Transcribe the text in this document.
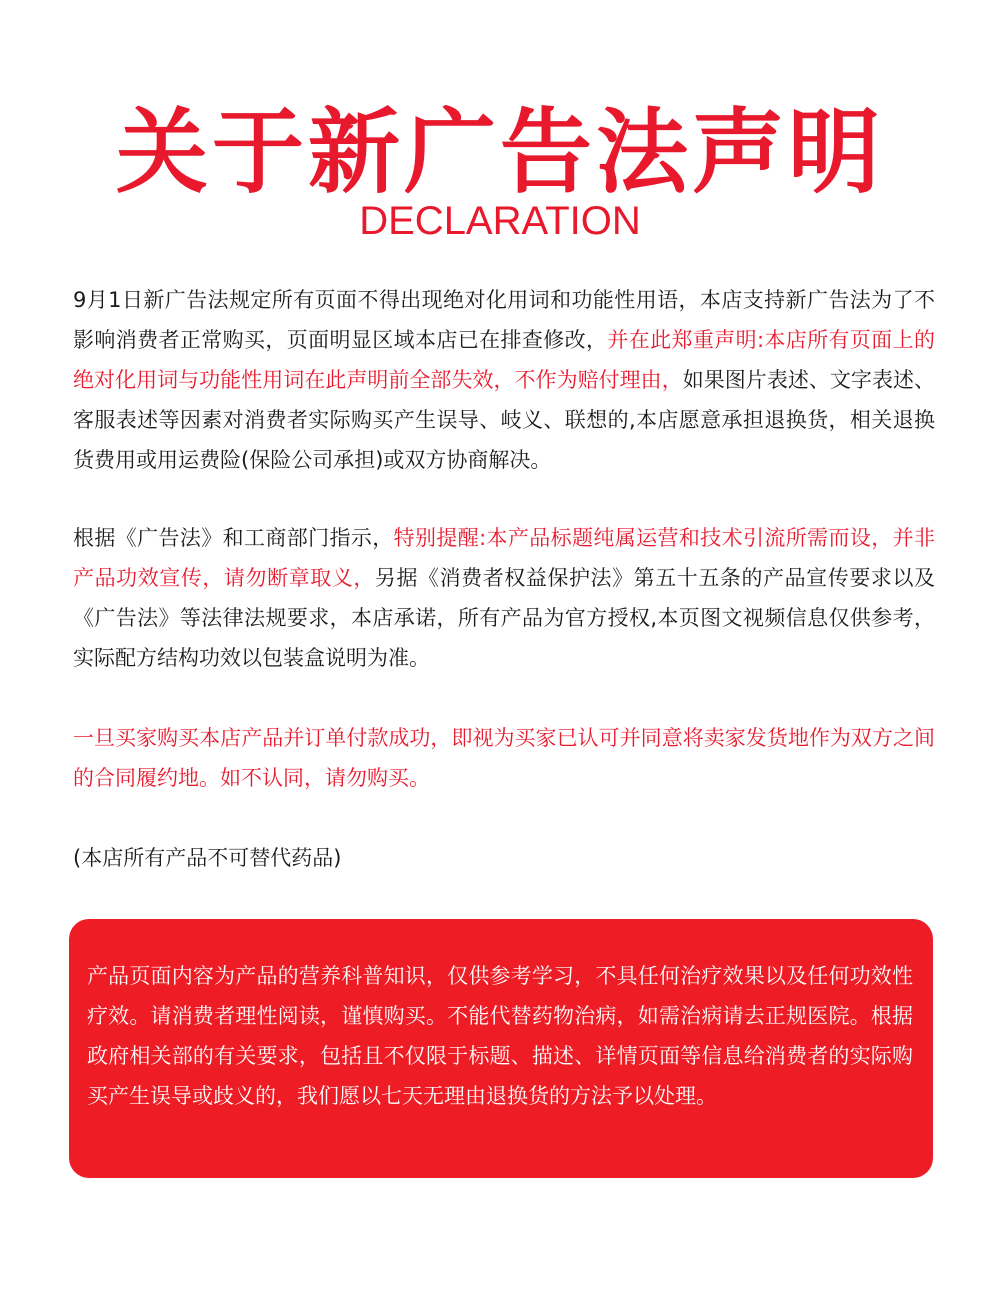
关于新广告法声明
DECLARATION

9月1日新广告法规定所有页面不得出现绝对化用词和功能性用语，本店支持新广告法为了不影响消费者正常购买，页面明显区域本店已在排查修改，并在此郑重声明:本店所有页面上的绝对化用词与功能性用词在此声明前全部失效，不作为赔付理由，如果图片表述、文字表述、客服表述等因素对消费者实际购买产生误导、岐义、联想的,本店愿意承担退换货，相关退换货费用或用运费险(保险公司承担)或双方协商解决。

根据《广告法》和工商部门指示，特别提醒:本产品标题纯属运营和技术引流所需而设，并非产品功效宣传，请勿断章取义，另据《消费者权益保护法》第五十五条的产品宣传要求以及《广告法》等法律法规要求，本店承诺，所有产品为官方授权,本页图文视频信息仅供参考，实际配方结构功效以包装盒说明为准。

一旦买家购买本店产品并订单付款成功，即视为买家已认可并同意将卖家发货地作为双方之间的合同履约地。如不认同，请勿购买。

(本店所有产品不可替代药品)

产品页面内容为产品的营养科普知识，仅供参考学习，不具任何治疗效果以及任何功效性疗效。请消费者理性阅读，谨慎购买。不能代替药物治病，如需治病请去正规医院。根据政府相关部的有关要求，包括且不仅限于标题、描述、详情页面等信息给消费者的实际购买产生误导或歧义的，我们愿以七天无理由退换货的方法予以处理。
